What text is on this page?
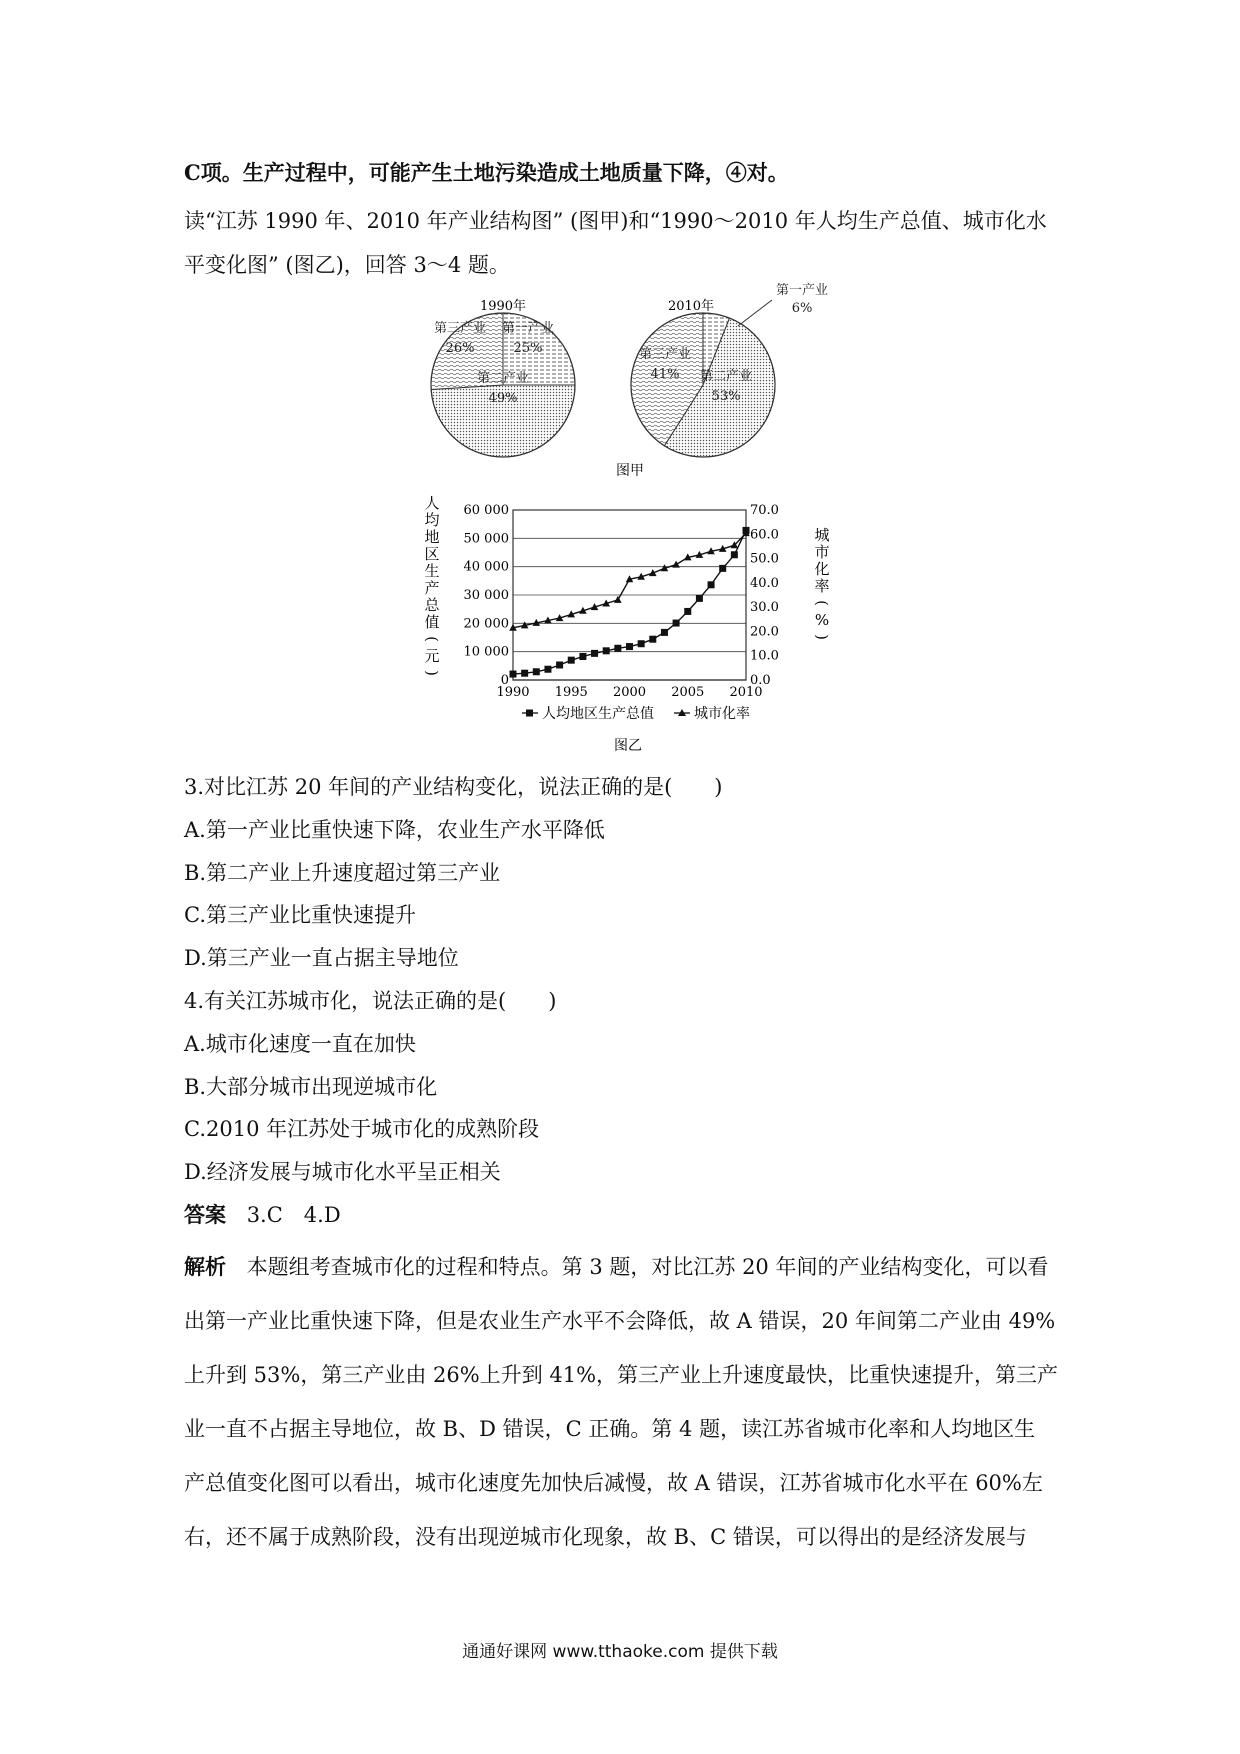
C项。生产过程中，可能产生土地污染造成土地质量下降，④对。
读“江苏 1990 年、2010 年产业结构图” (图甲)和“1990～2010 年人均生产总值、城市化水
平变化图” (图乙)，回答 3～4 题。
1990年
第三产业 第一产业
26%	25%
第二产业
49%
2010年
第一产业
6%
第三产业
41% 第二产业
53%
图甲
0
10 000
20 000
30 000
40 000
50 000
60 000
0.0
10.0
20.0
30.0
40.0
50.0
60.0
70.0
1990 1995 2000 2005 2010
人
均
地
区
生
产
总
值
(
元
)
城
市
化
率
(
%
)
人均地区生产总值	城市化率
图乙
3.对比江苏 20 年间的产业结构变化，说法正确的是(　　)
A.第一产业比重快速下降，农业生产水平降低
B.第二产业上升速度超过第三产业
C.第三产业比重快速提升
D.第三产业一直占据主导地位
4.有关江苏城市化，说法正确的是(　　)
A.城市化速度一直在加快
B.大部分城市出现逆城市化
C.2010 年江苏处于城市化的成熟阶段
D.经济发展与城市化水平呈正相关
答案 3.C　4.D
解析 本题组考查城市化的过程和特点。第 3 题，对比江苏 20 年间的产业结构变化，可以看
出第一产业比重快速下降，但是农业生产水平不会降低，故 A 错误，20 年间第二产业由 49%
上升到 53%，第三产业由 26%上升到 41%，第三产业上升速度最快，比重快速提升，第三产
业一直不占据主导地位，故 B、D 错误，C 正确。第 4 题，读江苏省城市化率和人均地区生
产总值变化图可以看出，城市化速度先加快后减慢，故 A 错误，江苏省城市化水平在 60%左
右，还不属于成熟阶段，没有出现逆城市化现象，故 B、C 错误，可以得出的是经济发展与
通通好课网 www.tthaoke.com 提供下载
